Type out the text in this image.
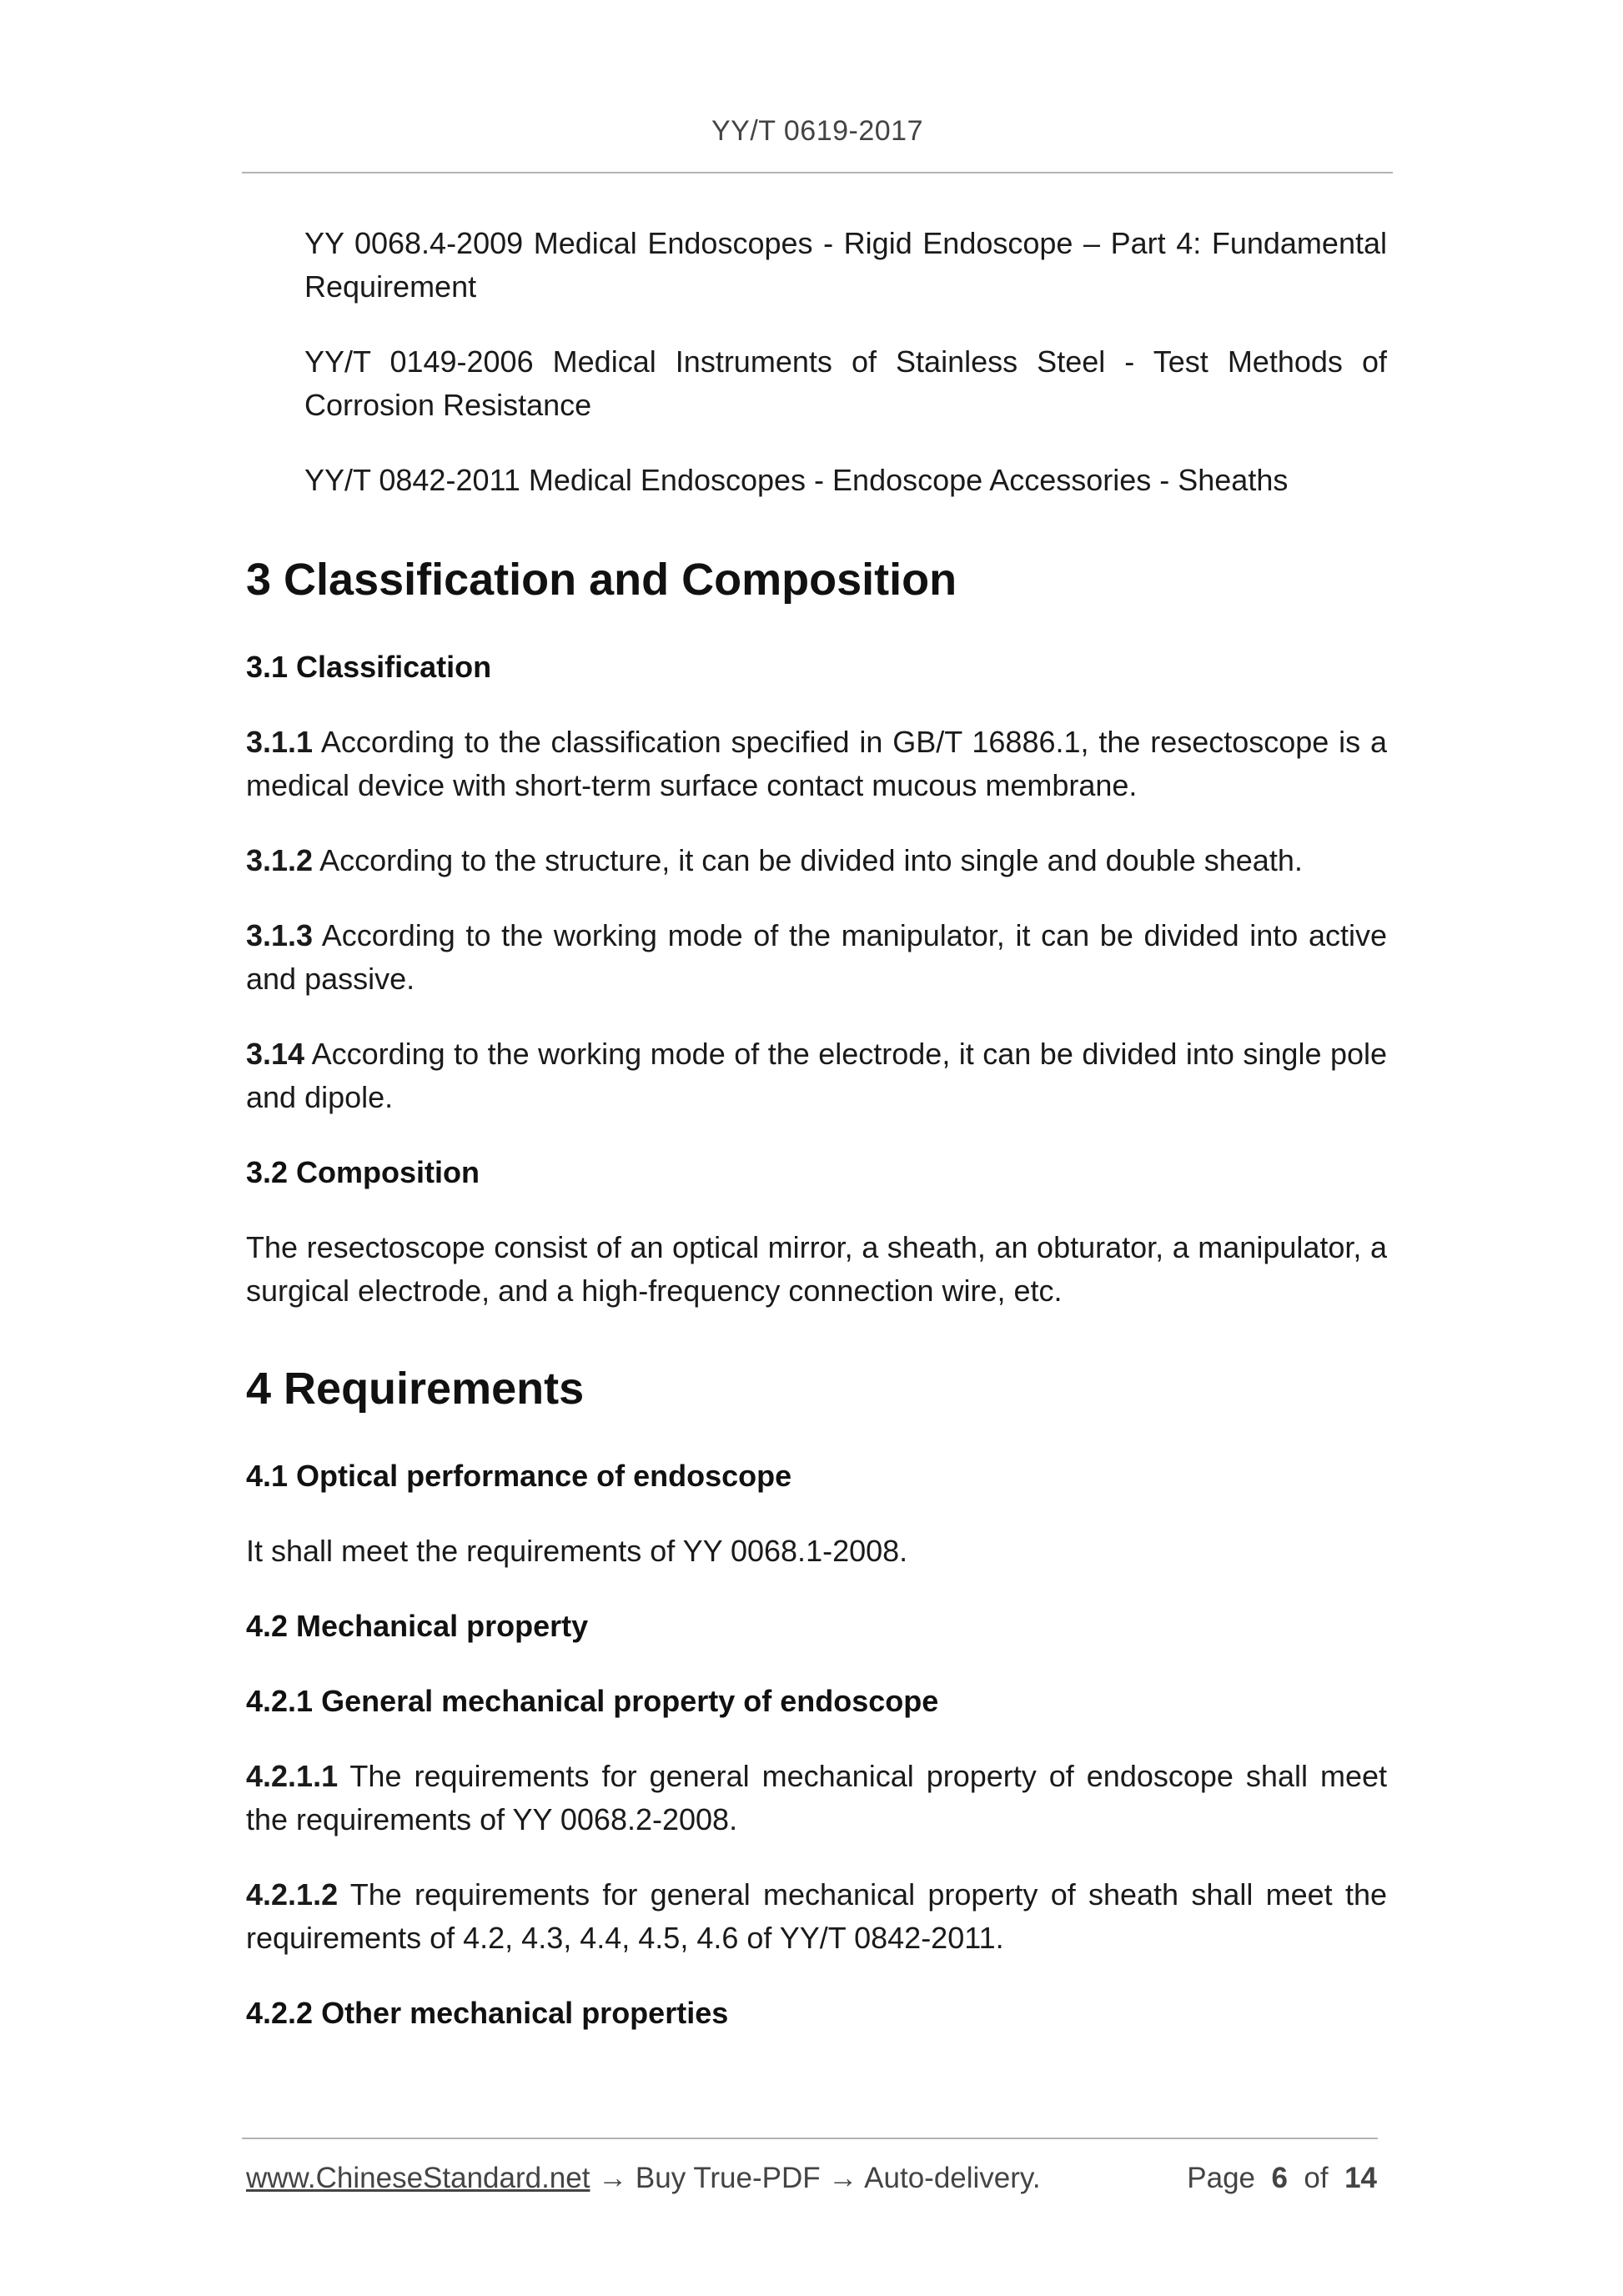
YY/T 0619-2017

YY 0068.4-2009 Medical Endoscopes - Rigid Endoscope – Part 4: Fundamental Requirement

YY/T 0149-2006 Medical Instruments of Stainless Steel - Test Methods of Corrosion Resistance

YY/T 0842-2011 Medical Endoscopes - Endoscope Accessories - Sheaths

3 Classification and Composition
3.1 Classification

3.1.1 According to the classification specified in GB/T 16886.1, the resectoscope is a medical device with short-term surface contact mucous membrane.

3.1.2 According to the structure, it can be divided into single and double sheath.

3.1.3 According to the working mode of the manipulator, it can be divided into active and passive.

3.14 According to the working mode of the electrode, it can be divided into single pole and dipole.

3.2 Composition

The resectoscope consist of an optical mirror, a sheath, an obturator, a manipulator, a surgical electrode, and a high-frequency connection wire, etc.

4 Requirements
4.1 Optical performance of endoscope

It shall meet the requirements of YY 0068.1-2008.

4.2 Mechanical property
4.2.1 General mechanical property of endoscope

4.2.1.1 The requirements for general mechanical property of endoscope shall meet the requirements of YY 0068.2-2008.

4.2.1.2 The requirements for general mechanical property of sheath shall meet the requirements of 4.2, 4.3, 4.4, 4.5, 4.6 of YY/T 0842-2011.

4.2.2 Other mechanical properties
www.ChineseStandard.net → Buy True-PDF → Auto-delivery.	Page 6 of 14
